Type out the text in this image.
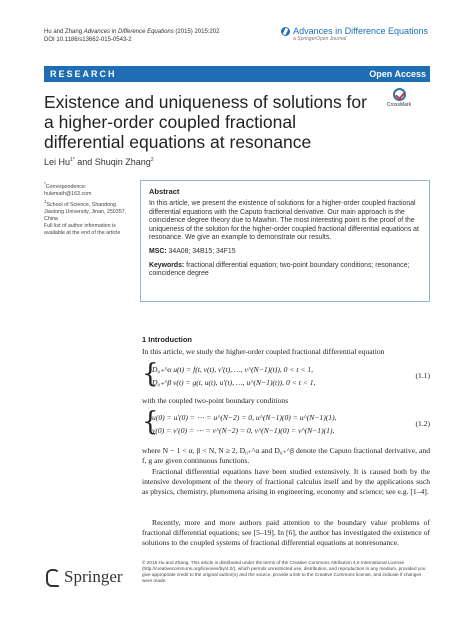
Hu and Zhang Advances in Difference Equations (2015) 2015:202
DOI 10.1186/s13662-015-0543-2
Advances in Difference Equations
a SpringerOpen Journal
RESEARCH	Open Access
Existence and uniqueness of solutions for a higher-order coupled fractional differential equations at resonance
CrossMark
Lei $Hu^{1*}$ and Shuqin Zhang$^2$
*Correspondence:
hulemath@163.com
$^1$School of Science, Shandong Jiaotong University, Jinan, 250357, China
Full list of author information is available at the end of the article
Abstract

In this article, we present the existence of solutions for a higher-order coupled fractional differential equations with the Caputo fractional derivative. Our main approach is the coincidence degree theory due to Mawhin. The most interesting point is the proof of the uniqueness of the solution for the higher-order coupled fractional differential equations at resonance. We give an example to demonstrate our results.

MSC: 34A08; 34B15; 34F15
Keywords: fractional differential equation; two-point boundary conditions; resonance; coincidence degree
1 Introduction

In this article, we study the higher-order coupled fractional differential equation

{
D₀₊^α u(t) = f(t, v(t), v′(t), …, v^(N−1)(t)), 0 < t < 1,
D₀₊^β v(t) = g(t, u(t), u′(t), …, u^(N−1)(t)), 0 < t < 1,
(1.1)

with the coupled two-point boundary conditions

{
u(0) = u′(0) = ⋯ = u^(N−2) = 0, u^(N−1)(0) = u^(N−1)(1),
v(0) = v′(0) = ⋯ = v^(N−2) = 0, v^(N−1)(0) = v^(N−1)(1),
(1.2)

where N − 1 < α, β < N, N ≥ 2, D₀₊^α and D₀₊^β denote the Caputo fractional derivative, and f, g are given continuous functions.

Fractional differential equations have been studied extensively. It is caused both by the intensive development of the theory of fractional calculus itself and by the applications such as physics, chemistry, phenomena arising in engineering, economy and science; see e.g. [1–4].

Recently, more and more authors paid attention to the boundary value problems of fractional differential equations; see [5–19]. In [6], the author has investigated the existence of solutions to the coupled systems of fractional differential equations at nonresonance.

Springer

© 2015 Hu and Zhang. This article is distributed under the terms of the Creative Commons Attribution 4.0 International License (http://creativecommons.org/licenses/by/4.0/), which permits unrestricted use, distribution, and reproduction in any medium, provided you give appropriate credit to the original author(s) and the source, provide a link to the Creative Commons license, and indicate if changes were made.
